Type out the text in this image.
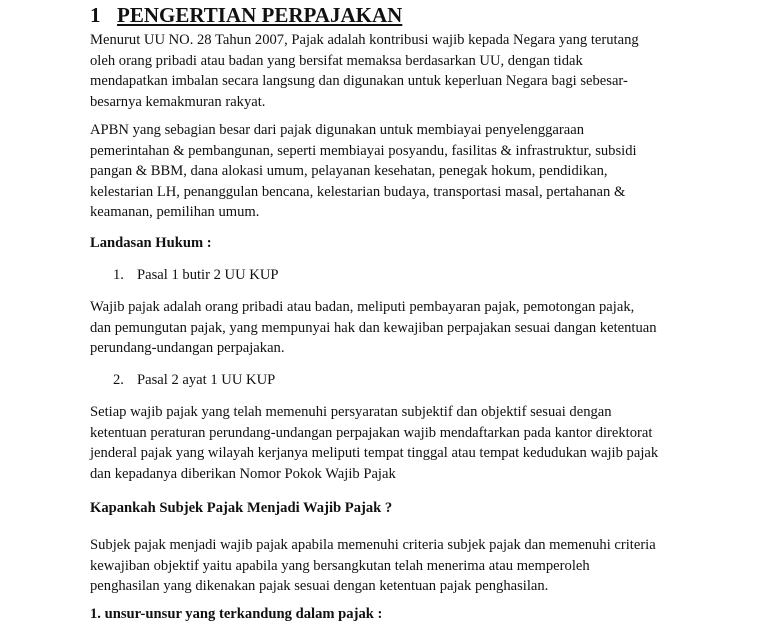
1 PENGERTIAN PERPAJAKAN

Menurut UU NO. 28 Tahun 2007, Pajak adalah kontribusi wajib kepada Negara yang terutang
oleh orang pribadi atau badan yang bersifat memaksa berdasarkan UU, dengan tidak
mendapatkan imbalan secara langsung dan digunakan untuk keperluan Negara bagi sebesar-
besarnya kemakmuran rakyat.

APBN yang sebagian besar dari pajak digunakan untuk membiayai penyelenggaraan
pemerintahan & pembangunan, seperti membiayai posyandu, fasilitas & infrastruktur, subsidi
pangan & BBM, dana alokasi umum, pelayanan kesehatan, penegak hokum, pendidikan,
kelestarian LH, penanggulan bencana, kelestarian budaya, transportasi masal, pertahanan &
keamanan, pemilihan umum.

Landasan Hukum :
1. Pasal 1 butir 2 UU KUP

Wajib pajak adalah orang pribadi atau badan, meliputi pembayaran pajak, pemotongan pajak,
dan pemungutan pajak, yang mempunyai hak dan kewajiban perpajakan sesuai dangan ketentuan
perundang-undangan perpajakan.

2. Pasal 2 ayat 1 UU KUP

Setiap wajib pajak yang telah memenuhi persyaratan subjektif dan objektif sesuai dengan
ketentuan peraturan perundang-undangan perpajakan wajib mendaftarkan pada kantor direktorat
jenderal pajak yang wilayah kerjanya meliputi tempat tinggal atau tempat kedudukan wajib pajak
dan kepadanya diberikan Nomor Pokok Wajib Pajak

Kapankah Subjek Pajak Menjadi Wajib Pajak ?

Subjek pajak menjadi wajib pajak apabila memenuhi criteria subjek pajak dan memenuhi criteria
kewajiban objektif yaitu apabila yang bersangkutan telah menerima atau memperoleh
penghasilan yang dikenakan pajak sesuai dengan ketentuan pajak penghasilan.

1. unsur-unsur yang terkandung dalam pajak :
